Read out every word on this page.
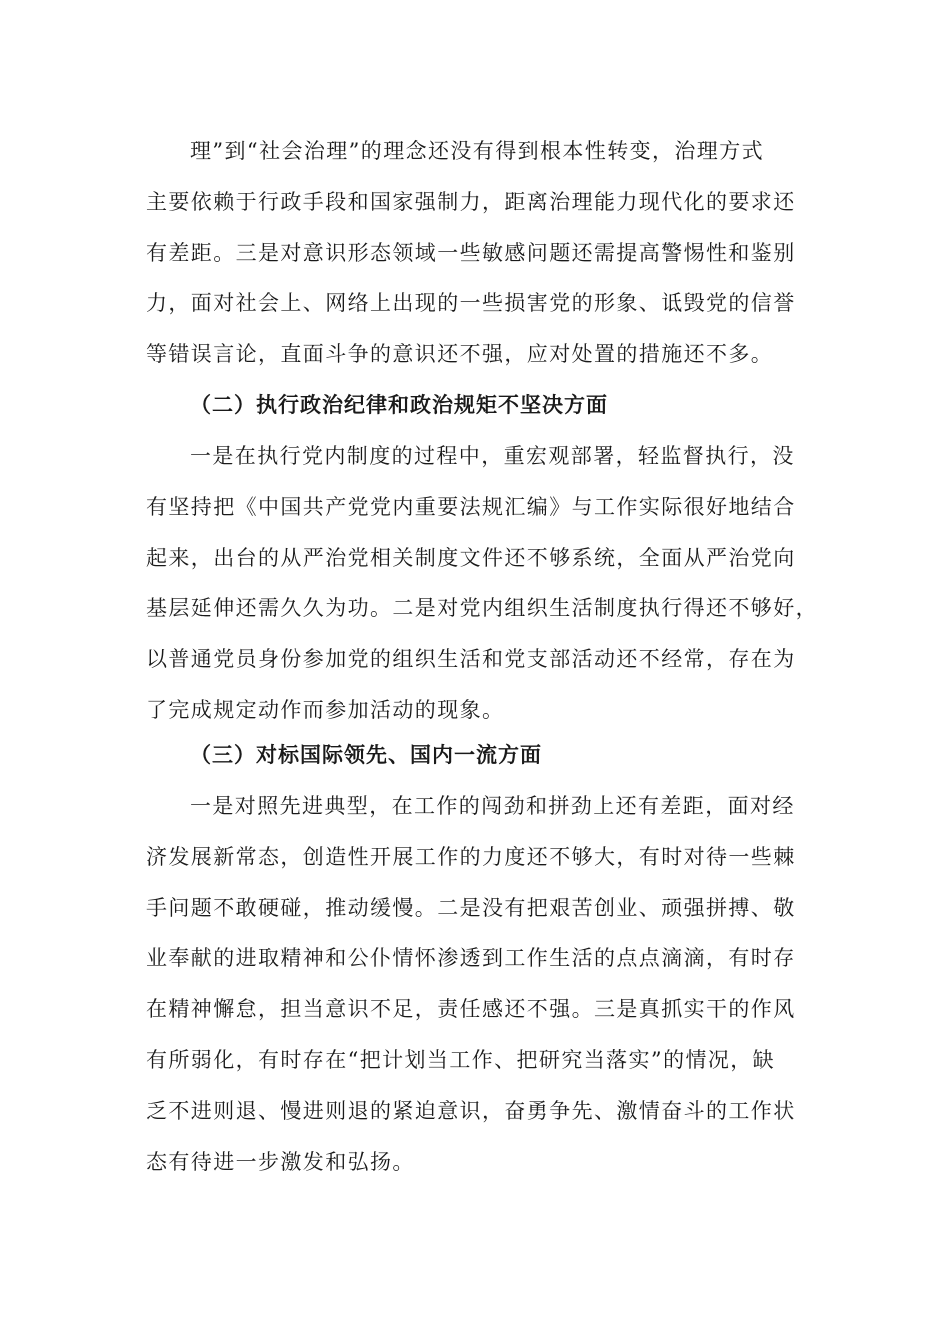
理”到“社会治理”的理念还没有得到根本性转变，治理方式
主要依赖于行政手段和国家强制力，距离治理能力现代化的要求还
有差距。三是对意识形态领域一些敏感问题还需提高警惕性和鉴别
力，面对社会上、网络上出现的一些损害党的形象、诋毁党的信誉
等错误言论，直面斗争的意识还不强，应对处置的措施还不多。
（二）执行政治纪律和政治规矩不坚决方面
一是在执行党内制度的过程中，重宏观部署，轻监督执行，没
有坚持把《中国共产党党内重要法规汇编》与工作实际很好地结合
起来，出台的从严治党相关制度文件还不够系统，全面从严治党向
基层延伸还需久久为功。二是对党内组织生活制度执行得还不够好，
以普通党员身份参加党的组织生活和党支部活动还不经常，存在为
了完成规定动作而参加活动的现象。
（三）对标国际领先、国内一流方面
一是对照先进典型，在工作的闯劲和拼劲上还有差距，面对经
济发展新常态，创造性开展工作的力度还不够大，有时对待一些棘
手问题不敢硬碰，推动缓慢。二是没有把艰苦创业、顽强拼搏、敬
业奉献的进取精神和公仆情怀渗透到工作生活的点点滴滴，有时存
在精神懈怠，担当意识不足，责任感还不强。三是真抓实干的作风
有所弱化，有时存在“把计划当工作、把研究当落实”的情况，缺
乏不进则退、慢进则退的紧迫意识，奋勇争先、激情奋斗的工作状
态有待进一步激发和弘扬。
